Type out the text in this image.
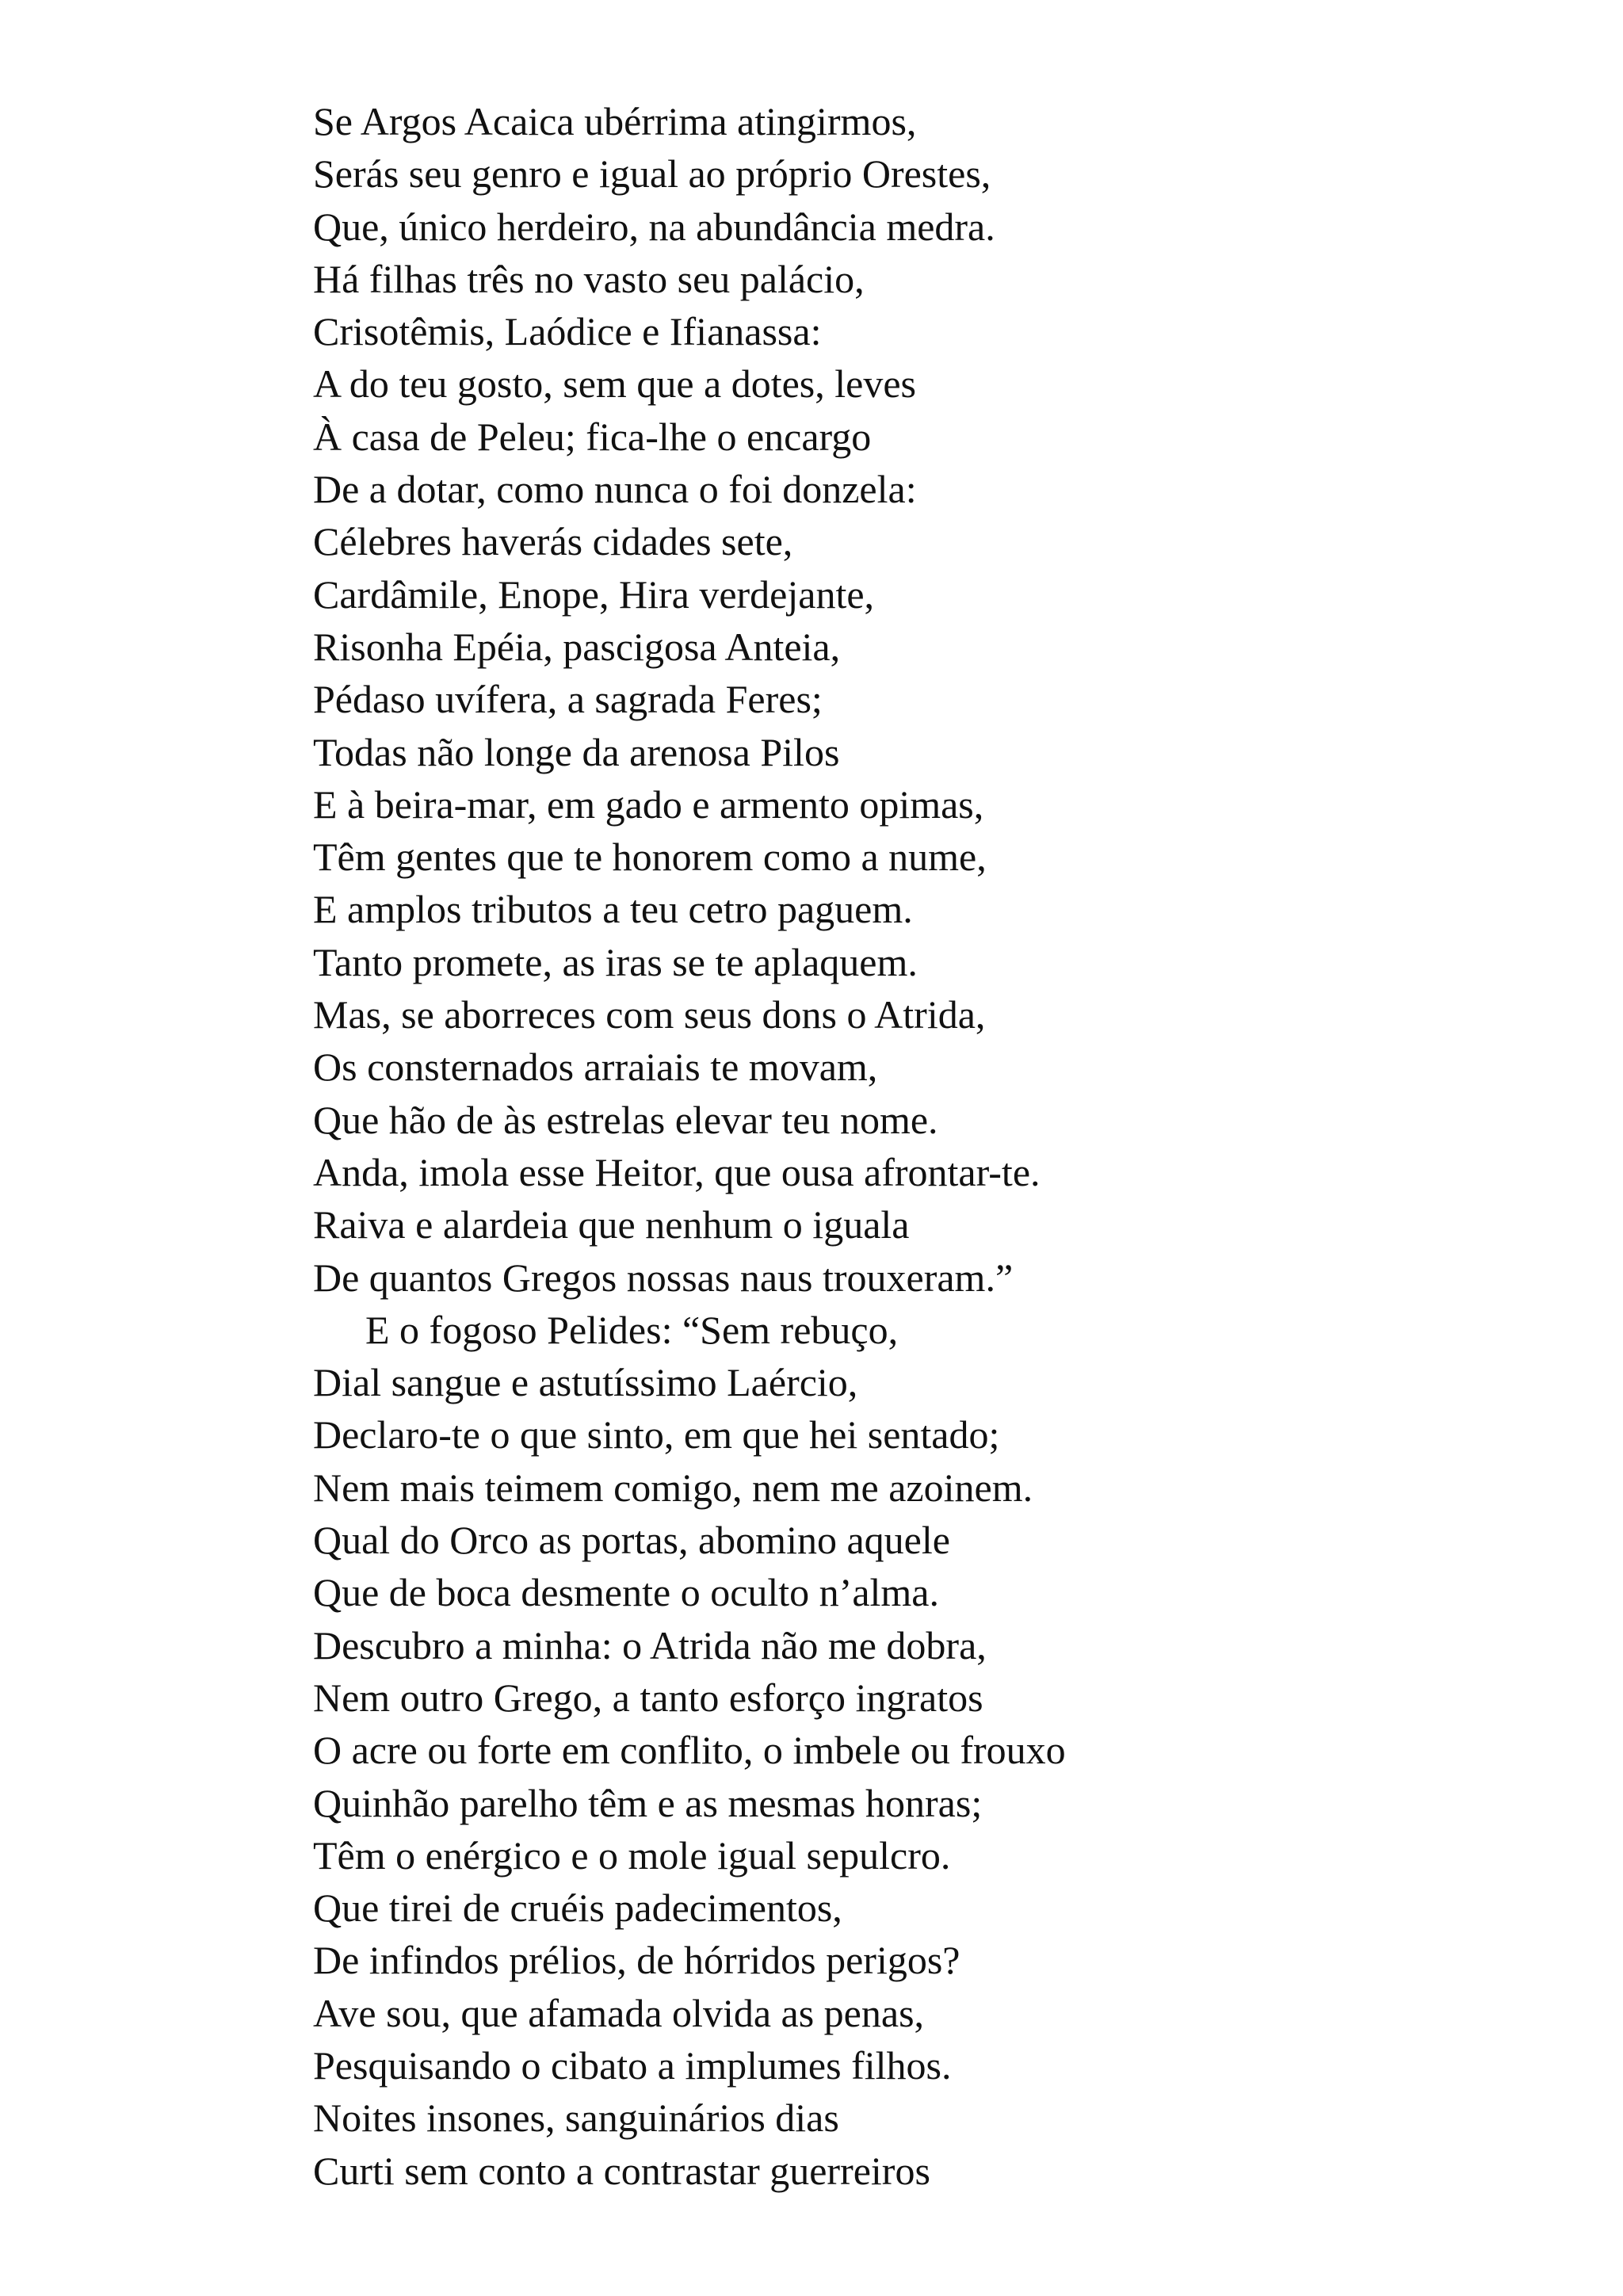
Se Argos Acaica ubérrima atingirmos,
Serás seu genro e igual ao próprio Orestes,
Que, único herdeiro, na abundância medra.
Há filhas três no vasto seu palácio,
Crisotêmis, Laódice e Ifianassa:
A do teu gosto, sem que a dotes, leves
À casa de Peleu; fica-lhe o encargo
De a dotar, como nunca o foi donzela:
Célebres haverás cidades sete,
Cardâmile, Enope, Hira verdejante,
Risonha Epéia, pascigosa Anteia,
Pédaso uvífera, a sagrada Feres;
Todas não longe da arenosa Pilos
E à beira-mar, em gado e armento opimas,
Têm gentes que te honorem como a nume,
E amplos tributos a teu cetro paguem.
Tanto promete, as iras se te aplaquem.
Mas, se aborreces com seus dons o Atrida,
Os consternados arraiais te movam,
Que hão de às estrelas elevar teu nome.
Anda, imola esse Heitor, que ousa afrontar-te.
Raiva e alardeia que nenhum o iguala
De quantos Gregos nossas naus trouxeram.”
E o fogoso Pelides: “Sem rebuço,
Dial sangue e astutíssimo Laércio,
Declaro-te o que sinto, em que hei sentado;
Nem mais teimem comigo, nem me azoinem.
Qual do Orco as portas, abomino aquele
Que de boca desmente o oculto n’alma.
Descubro a minha: o Atrida não me dobra,
Nem outro Grego, a tanto esforço ingratos
O acre ou forte em conflito, o imbele ou frouxo
Quinhão parelho têm e as mesmas honras;
Têm o enérgico e o mole igual sepulcro.
Que tirei de cruéis padecimentos,
De infindos prélios, de hórridos perigos?
Ave sou, que afamada olvida as penas,
Pesquisando o cibato a implumes filhos.
Noites insones, sanguinários dias
Curti sem conto a contrastar guerreiros
